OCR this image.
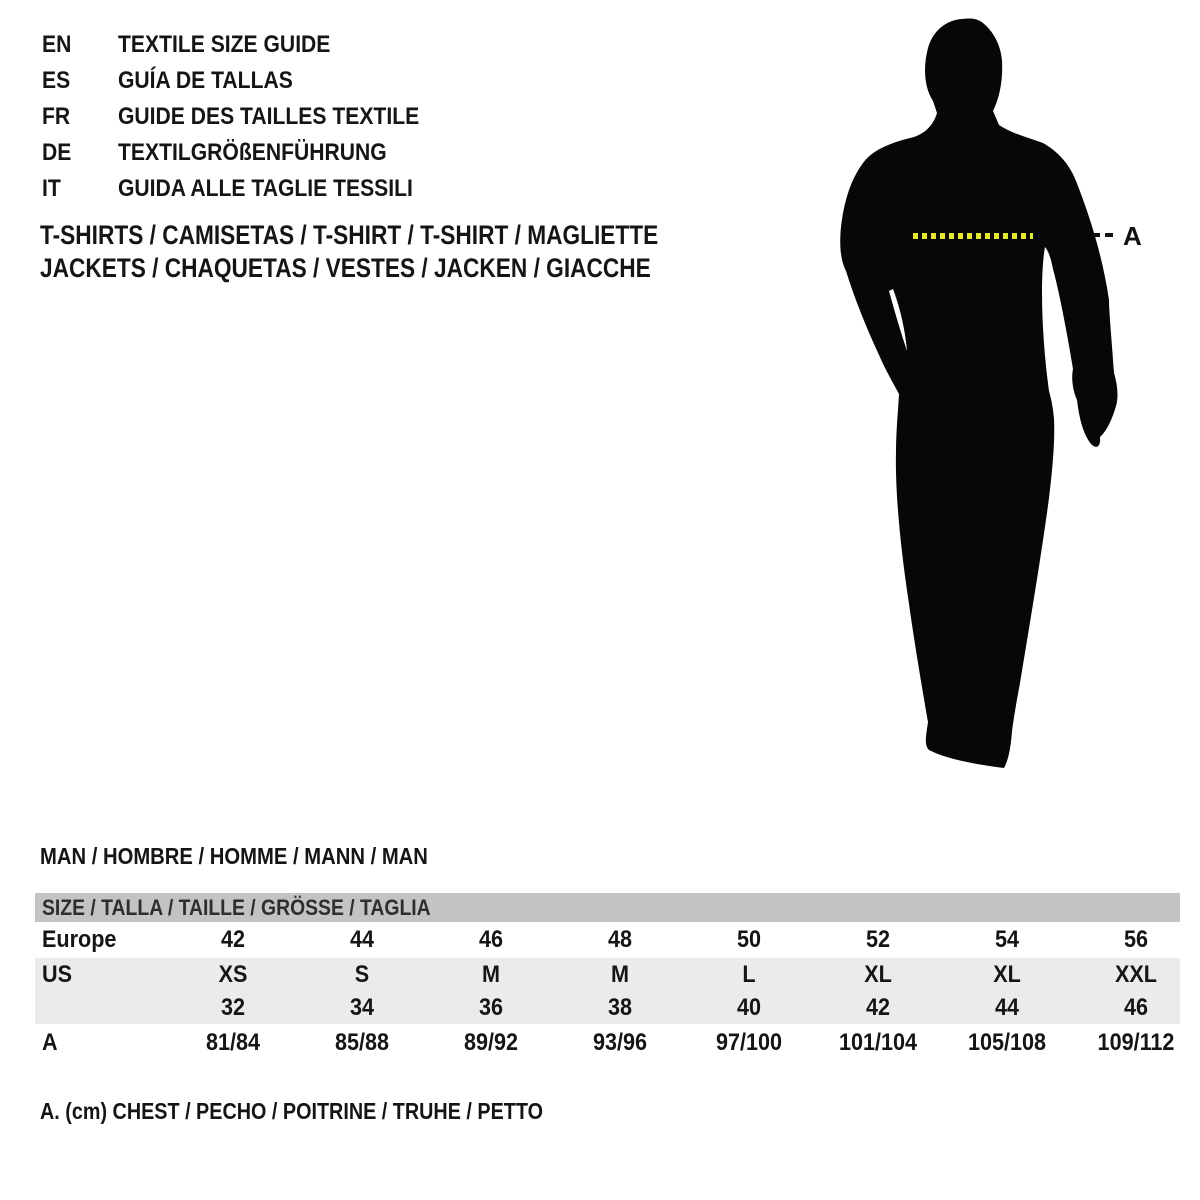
EN	TEXTILE SIZE GUIDE
ES	GUÍA DE TALLAS
FR	GUIDE DES TAILLES TEXTILE
DE	TEXTILGRÖßENFÜHRUNG
IT	GUIDA ALLE TAGLIE TESSILI
T-SHIRTS / CAMISETAS / T-SHIRT / T-SHIRT / MAGLIETTE
JACKETS / CHAQUETAS / VESTES / JACKEN / GIACCHE
A
MAN / HOMBRE / HOMME / MANN / MAN
SIZE / TALLA / TAILLE / GRÖSSE / TAGLIA
Europe	42	44	46	48	50	52	54	56
US	XS	S	M	M	L	XL	XL	XXL
32	34	36	38	40	42	44	46
A	81/84	85/88	89/92	93/96	97/100 101/104 105/108 109/112
A. (cm) CHEST / PECHO / POITRINE / TRUHE / PETTO
